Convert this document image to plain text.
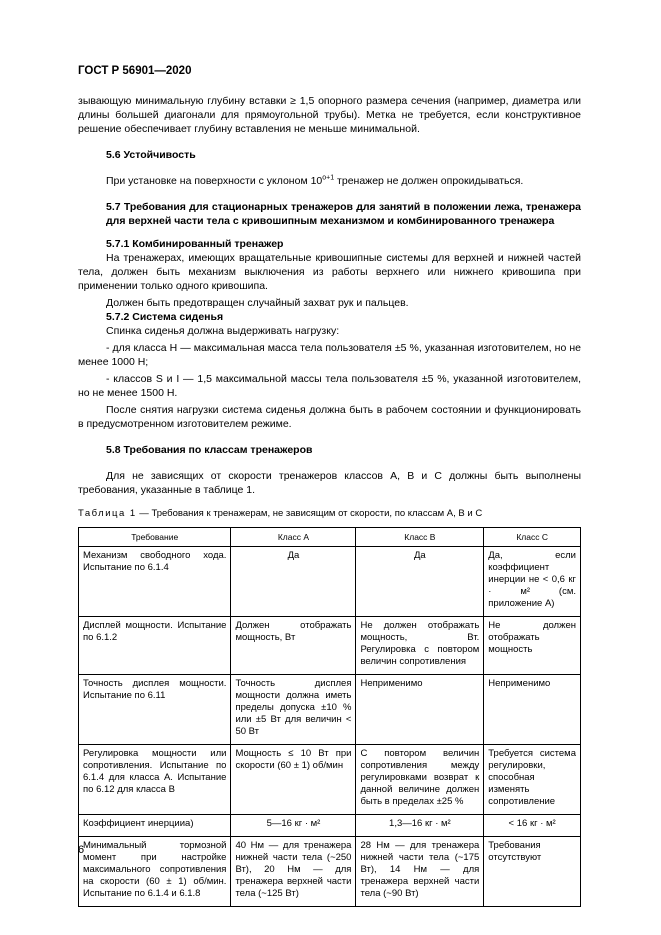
ГОСТ Р 56901—2020

зывающую минимальную глубину вставки ≥ 1,5 опорного размера сечения (например, диаметра или длины большей диагонали для прямоугольной трубы). Метка не требуется, если конструктивное решение обеспечивает глубину вставления не меньше минимальной.

5.6 Устойчивость

При установке на поверхности с уклоном $10^{о+1}$ тренажер не должен опрокидываться.

5.7 Требования для стационарных тренажеров для занятий в положении лежа, тренажера для верхней части тела с кривошипным механизмом и комбинированного тренажера

5.7.1 Комбинированный тренажер

На тренажерах, имеющих вращательные кривошипные системы для верхней и нижней частей тела, должен быть механизм выключения из работы верхнего или нижнего кривошипа при применении только одного кривошипа.

Должен быть предотвращен случайный захват рук и пальцев.

5.7.2 Система сиденья

Спинка сиденья должна выдерживать нагрузку:

- для класса H — максимальная масса тела пользователя ±5 %, указанная изготовителем, но не менее 1000 Н;

- классов S и I — 1,5 максимальной массы тела пользователя ±5 %, указанной изготовителем, но не менее 1500 Н.

После снятия нагрузки система сиденья должна быть в рабочем состоянии и функционировать в предусмотренном изготовителем режиме.

5.8 Требования по классам тренажеров

Для не зависящих от скорости тренажеров классов A, B и C должны быть выполнены требования, указанные в таблице 1.

Таблица 1 — Требования к тренажерам, не зависящим от скорости, по классам A, B и C

Требование	Класс A	Класс B	Класс C
Механизм свободного хода. Испытание по 6.1.4	Да	Да	Да, если коэффициент инерции не < 0,6 кг · м² (см. приложение А)
Дисплей мощности. Испытание по 6.1.2	Должен отображать мощность, Вт	Не должен отображать мощность, Вт. Регулировка с повтором величин сопротивления	Не должен отображать мощность
Точность дисплея мощности. Испытание по 6.11	Точность дисплея мощности должна иметь пределы допуска ±10 % или ±5 Вт для величин < 50 Вт	Неприменимо	Неприменимо
Регулировка мощности или сопротивления. Испытание по 6.1.4 для класса А. Испытание по 6.12 для класса В	Мощность ≤ 10 Вт при скорости (60 ± 1) об/мин	С повтором величин сопротивления между регулировками возврат к данной величине должен быть в пределах ±25 %	Требуется система регулировки, способная изменять сопротивление
Коэффициент инерцииa)	5—16 кг · м²	1,3—16 кг · м²	< 16 кг · м²
Минимальный тормозной момент при настройке максимального сопротивления на скорости (60 ± 1) об/мин. Испытание по 6.1.4 и 6.1.8	40 Нм — для тренажера нижней части тела (~250 Вт), 20 Нм — для тренажера верхней части тела (~125 Вт)	28 Нм — для тренажера нижней части тела (~175 Вт), 14 Нм — для тренажера верхней части тела (~90 Вт)	Требования отсутствуют
6
